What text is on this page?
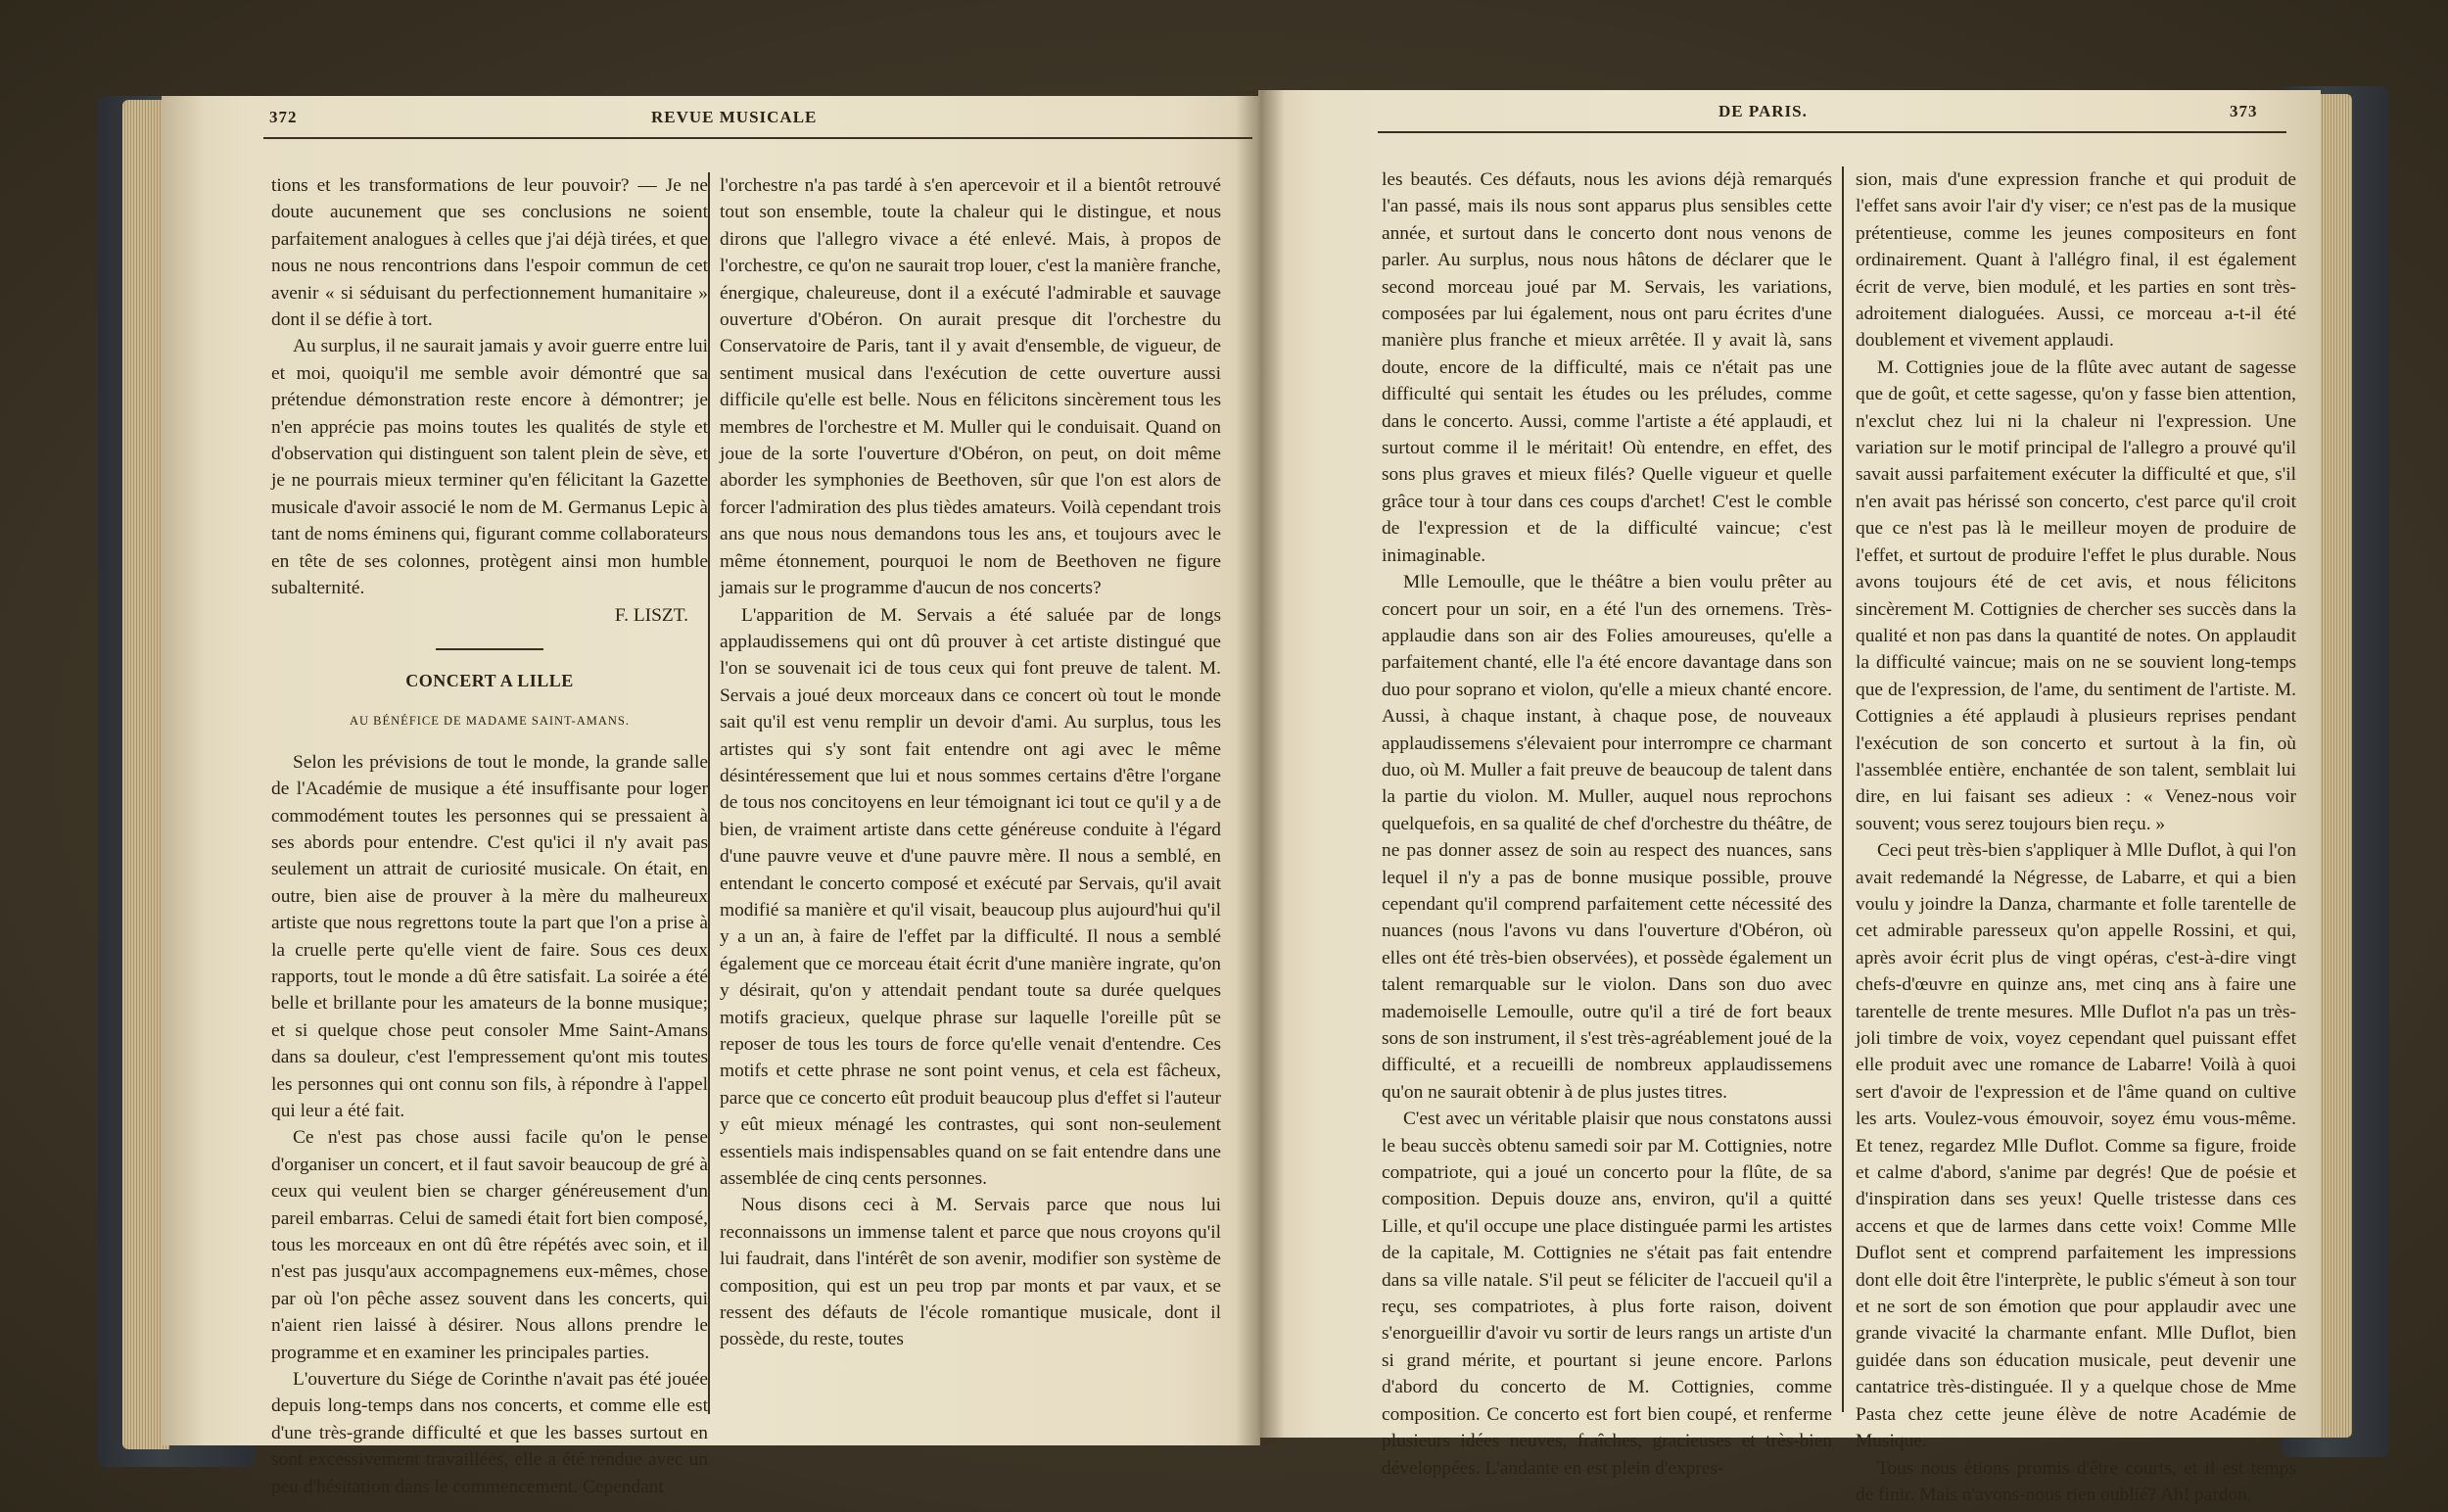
372	REVUE MUSICALE

tions et les transformations de leur pouvoir? — Je ne doute aucunement que ses conclusions ne soient parfaitement analogues à celles que j'ai déjà tirées, et que nous ne nous rencontrions dans l'espoir commun de cet avenir « si séduisant du perfectionnement humanitaire » dont il se défie à tort.

Au surplus, il ne saurait jamais y avoir guerre entre lui et moi, quoiqu'il me semble avoir démontré que sa prétendue démonstration reste encore à démontrer; je n'en apprécie pas moins toutes les qualités de style et d'observation qui distinguent son talent plein de sève, et je ne pourrais mieux terminer qu'en félicitant la Gazette musicale d'avoir associé le nom de M. Germanus Lepic à tant de noms éminens qui, figurant comme collaborateurs en tête de ses colonnes, protègent ainsi mon humble subalternité.

F. LISZT.
CONCERT A LILLE
AU BÉNÉFICE DE MADAME SAINT-AMANS.

Selon les prévisions de tout le monde, la grande salle de l'Académie de musique a été insuffisante pour loger commodément toutes les personnes qui se pressaient à ses abords pour entendre. C'est qu'ici il n'y avait pas seulement un attrait de curiosité musicale. On était, en outre, bien aise de prouver à la mère du malheureux artiste que nous regrettons toute la part que l'on a prise à la cruelle perte qu'elle vient de faire. Sous ces deux rapports, tout le monde a dû être satisfait. La soirée a été belle et brillante pour les amateurs de la bonne musique; et si quelque chose peut consoler Mme Saint-Amans dans sa douleur, c'est l'empressement qu'ont mis toutes les personnes qui ont connu son fils, à répondre à l'appel qui leur a été fait.

Ce n'est pas chose aussi facile qu'on le pense d'organiser un concert, et il faut savoir beaucoup de gré à ceux qui veulent bien se charger généreusement d'un pareil embarras. Celui de samedi était fort bien composé, tous les morceaux en ont dû être répétés avec soin, et il n'est pas jusqu'aux accompagnemens eux-mêmes, chose par où l'on pêche assez souvent dans les concerts, qui n'aient rien laissé à désirer. Nous allons prendre le programme et en examiner les principales parties.

L'ouverture du Siége de Corinthe n'avait pas été jouée depuis long-temps dans nos concerts, et comme elle est d'une très-grande difficulté et que les basses surtout en sont excessivement travaillées, elle a été rendue avec un peu d'hésitation dans le commencement. Cependant

l'orchestre n'a pas tardé à s'en apercevoir et il a bientôt retrouvé tout son ensemble, toute la chaleur qui le distingue, et nous dirons que l'allegro vivace a été enlevé. Mais, à propos de l'orchestre, ce qu'on ne saurait trop louer, c'est la manière franche, énergique, chaleureuse, dont il a exécuté l'admirable et sauvage ouverture d'Obéron. On aurait presque dit l'orchestre du Conservatoire de Paris, tant il y avait d'ensemble, de vigueur, de sentiment musical dans l'exécution de cette ouverture aussi difficile qu'elle est belle. Nous en félicitons sincèrement tous les membres de l'orchestre et M. Muller qui le conduisait. Quand on joue de la sorte l'ouverture d'Obéron, on peut, on doit même aborder les symphonies de Beethoven, sûr que l'on est alors de forcer l'admiration des plus tièdes amateurs. Voilà cependant trois ans que nous nous demandons tous les ans, et toujours avec le même étonnement, pourquoi le nom de Beethoven ne figure jamais sur le programme d'aucun de nos concerts?

L'apparition de M. Servais a été saluée par de longs applaudissemens qui ont dû prouver à cet artiste distingué que l'on se souvenait ici de tous ceux qui font preuve de talent. M. Servais a joué deux morceaux dans ce concert où tout le monde sait qu'il est venu remplir un devoir d'ami. Au surplus, tous les artistes qui s'y sont fait entendre ont agi avec le même désintéressement que lui et nous sommes certains d'être l'organe de tous nos concitoyens en leur témoignant ici tout ce qu'il y a de bien, de vraiment artiste dans cette généreuse conduite à l'égard d'une pauvre veuve et d'une pauvre mère. Il nous a semblé, en entendant le concerto composé et exécuté par Servais, qu'il avait modifié sa manière et qu'il visait, beaucoup plus aujourd'hui qu'il y a un an, à faire de l'effet par la difficulté. Il nous a semblé également que ce morceau était écrit d'une manière ingrate, qu'on y désirait, qu'on y attendait pendant toute sa durée quelques motifs gracieux, quelque phrase sur laquelle l'oreille pût se reposer de tous les tours de force qu'elle venait d'entendre. Ces motifs et cette phrase ne sont point venus, et cela est fâcheux, parce que ce concerto eût produit beaucoup plus d'effet si l'auteur y eût mieux ménagé les contrastes, qui sont non-seulement essentiels mais indispensables quand on se fait entendre dans une assemblée de cinq cents personnes.

Nous disons ceci à M. Servais parce que nous lui reconnaissons un immense talent et parce que nous croyons qu'il lui faudrait, dans l'intérêt de son avenir, modifier son système de composition, qui est un peu trop par monts et par vaux, et se ressent des défauts de l'école romantique musicale, dont il possède, du reste, toutes

DE PARIS.	373

les beautés. Ces défauts, nous les avions déjà remarqués l'an passé, mais ils nous sont apparus plus sensibles cette année, et surtout dans le concerto dont nous venons de parler. Au surplus, nous nous hâtons de déclarer que le second morceau joué par M. Servais, les variations, composées par lui également, nous ont paru écrites d'une manière plus franche et mieux arrêtée. Il y avait là, sans doute, encore de la difficulté, mais ce n'était pas une difficulté qui sentait les études ou les préludes, comme dans le concerto. Aussi, comme l'artiste a été applaudi, et surtout comme il le méritait! Où entendre, en effet, des sons plus graves et mieux filés? Quelle vigueur et quelle grâce tour à tour dans ces coups d'archet! C'est le comble de l'expression et de la difficulté vaincue; c'est inimaginable.

Mlle Lemoulle, que le théâtre a bien voulu prêter au concert pour un soir, en a été l'un des ornemens. Très-applaudie dans son air des Folies amoureuses, qu'elle a parfaitement chanté, elle l'a été encore davantage dans son duo pour soprano et violon, qu'elle a mieux chanté encore. Aussi, à chaque instant, à chaque pose, de nouveaux applaudissemens s'élevaient pour interrompre ce charmant duo, où M. Muller a fait preuve de beaucoup de talent dans la partie du violon. M. Muller, auquel nous reprochons quelquefois, en sa qualité de chef d'orchestre du théâtre, de ne pas donner assez de soin au respect des nuances, sans lequel il n'y a pas de bonne musique possible, prouve cependant qu'il comprend parfaitement cette nécessité des nuances (nous l'avons vu dans l'ouverture d'Obéron, où elles ont été très-bien observées), et possède également un talent remarquable sur le violon. Dans son duo avec mademoiselle Lemoulle, outre qu'il a tiré de fort beaux sons de son instrument, il s'est très-agréablement joué de la difficulté, et a recueilli de nombreux applaudissemens qu'on ne saurait obtenir à de plus justes titres.

C'est avec un véritable plaisir que nous constatons aussi le beau succès obtenu samedi soir par M. Cottignies, notre compatriote, qui a joué un concerto pour la flûte, de sa composition. Depuis douze ans, environ, qu'il a quitté Lille, et qu'il occupe une place distinguée parmi les artistes de la capitale, M. Cottignies ne s'était pas fait entendre dans sa ville natale. S'il peut se féliciter de l'accueil qu'il a reçu, ses compatriotes, à plus forte raison, doivent s'enorgueillir d'avoir vu sortir de leurs rangs un artiste d'un si grand mérite, et pourtant si jeune encore. Parlons d'abord du concerto de M. Cottignies, comme composition. Ce concerto est fort bien coupé, et renferme plusieurs idées neuves, fraîches, gracieuses et très-bien développées. L'andante en est plein d'expres-

sion, mais d'une expression franche et qui produit de l'effet sans avoir l'air d'y viser; ce n'est pas de la musique prétentieuse, comme les jeunes compositeurs en font ordinairement. Quant à l'allégro final, il est également écrit de verve, bien modulé, et les parties en sont très-adroitement dialoguées. Aussi, ce morceau a-t-il été doublement et vivement applaudi.

M. Cottignies joue de la flûte avec autant de sagesse que de goût, et cette sagesse, qu'on y fasse bien attention, n'exclut chez lui ni la chaleur ni l'expression. Une variation sur le motif principal de l'allegro a prouvé qu'il savait aussi parfaitement exécuter la difficulté et que, s'il n'en avait pas hérissé son concerto, c'est parce qu'il croit que ce n'est pas là le meilleur moyen de produire de l'effet, et surtout de produire l'effet le plus durable. Nous avons toujours été de cet avis, et nous félicitons sincèrement M. Cottignies de chercher ses succès dans la qualité et non pas dans la quantité de notes. On applaudit la difficulté vaincue; mais on ne se souvient long-temps que de l'expression, de l'ame, du sentiment de l'artiste. M. Cottignies a été applaudi à plusieurs reprises pendant l'exécution de son concerto et surtout à la fin, où l'assemblée entière, enchantée de son talent, semblait lui dire, en lui faisant ses adieux : « Venez-nous voir souvent; vous serez toujours bien reçu. »

Ceci peut très-bien s'appliquer à Mlle Duflot, à qui l'on avait redemandé la Négresse, de Labarre, et qui a bien voulu y joindre la Danza, charmante et folle tarentelle de cet admirable paresseux qu'on appelle Rossini, et qui, après avoir écrit plus de vingt opéras, c'est-à-dire vingt chefs-d'œuvre en quinze ans, met cinq ans à faire une tarentelle de trente mesures. Mlle Duflot n'a pas un très-joli timbre de voix, voyez cependant quel puissant effet elle produit avec une romance de Labarre! Voilà à quoi sert d'avoir de l'expression et de l'âme quand on cultive les arts. Voulez-vous émouvoir, soyez ému vous-même. Et tenez, regardez Mlle Duflot. Comme sa figure, froide et calme d'abord, s'anime par degrés! Que de poésie et d'inspiration dans ses yeux! Quelle tristesse dans ces accens et que de larmes dans cette voix! Comme Mlle Duflot sent et comprend parfaitement les impressions dont elle doit être l'interprète, le public s'émeut à son tour et ne sort de son émotion que pour applaudir avec une grande vivacité la charmante enfant. Mlle Duflot, bien guidée dans son éducation musicale, peut devenir une cantatrice très-distinguée. Il y a quelque chose de Mme Pasta chez cette jeune élève de notre Académie de Musique.

Tous nous étions promis d'être courts, et il est temps de finir. Mais n'avons-nous rien oublié? Ah! pardon,
